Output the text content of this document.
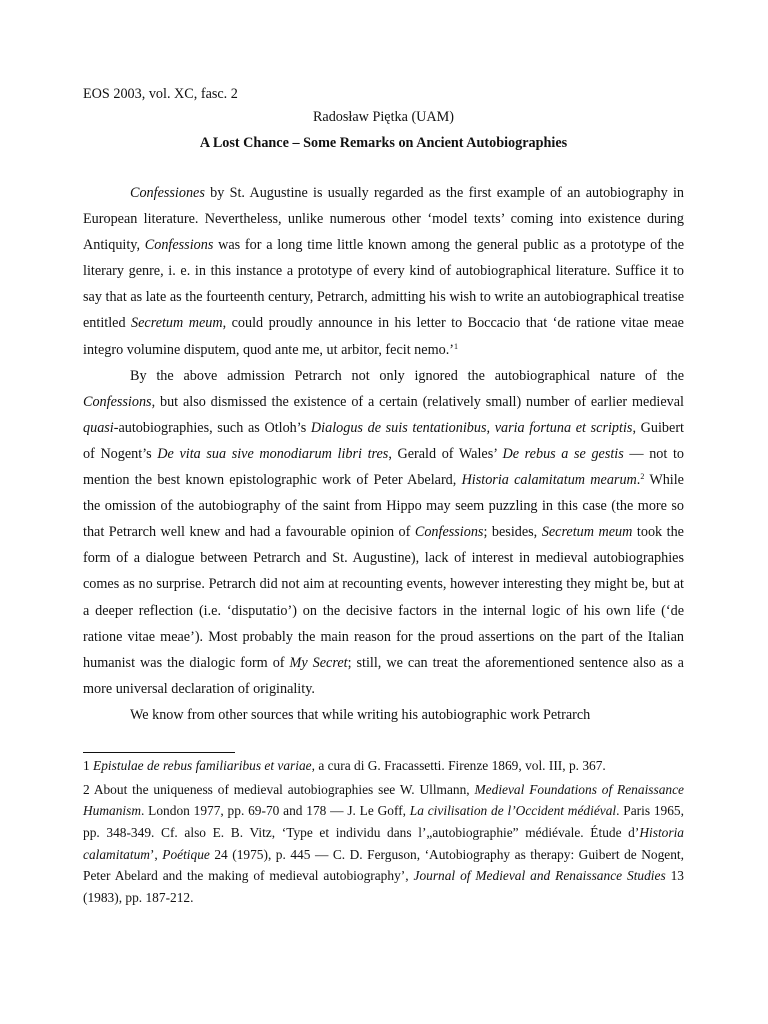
EOS 2003, vol. XC, fasc. 2

Radosław Piętka (UAM)

A Lost Chance – Some Remarks on Ancient Autobiographies

Confessiones by St. Augustine is usually regarded as the first example of an autobiography in European literature. Nevertheless, unlike numerous other ‘model texts’ coming into existence during Antiquity, Confessions was for a long time little known among the general public as a prototype of the literary genre, i. e. in this instance a prototype of every kind of autobiographical literature. Suffice it to say that as late as the fourteenth century, Petrarch, admitting his wish to write an autobiographical treatise entitled Secretum meum, could proudly announce in his letter to Boccacio that ‘de ratione vitae meae integro volumine disputem, quod ante me, ut arbitor, fecit nemo.’$^1$

By the above admission Petrarch not only ignored the autobiographical nature of the Confessions, but also dismissed the existence of a certain (relatively small) number of earlier medieval quasi-autobiographies, such as Otloh’s Dialogus de suis tentationibus, varia fortuna et scriptis, Guibert of Nogent’s De vita sua sive monodiarum libri tres, Gerald of Wales’ De rebus a se gestis — not to mention the best known epistolographic work of Peter Abelard, Historia calamitatum mearum.$^2$ While the omission of the autobiography of the saint from Hippo may seem puzzling in this case (the more so that Petrarch well knew and had a favourable opinion of Confessions; besides, Secretum meum took the form of a dialogue between Petrarch and St. Augustine), lack of interest in medieval autobiographies comes as no surprise. Petrarch did not aim at recounting events, however interesting they might be, but at a deeper reflection (i.e. ‘disputatio’) on the decisive factors in the internal logic of his own life (‘de ratione vitae meae’). Most probably the main reason for the proud assertions on the part of the Italian humanist was the dialogic form of My Secret; still, we can treat the aforementioned sentence also as a more universal declaration of originality.

We know from other sources that while writing his autobiographic work Petrarch

1 Epistulae de rebus familiaribus et variae, a cura di G. Fracassetti. Firenze 1869, vol. III, p. 367.

2 About the uniqueness of medieval autobiographies see W. Ullmann, Medieval Foundations of Renaissance Humanism. London 1977, pp. 69-70 and 178 — J. Le Goff, La civilisation de l’Occident médiéval. Paris 1965, pp. 348-349. Cf. also E. B. Vitz, ‘Type et individu dans l’„autobiographie” médiévale. Étude d’Historia calamitatum’, Poétique 24 (1975), p. 445 — C. D. Ferguson, ‘Autobiography as therapy: Guibert de Nogent, Peter Abelard and the making of medieval autobiography’, Journal of Medieval and Renaissance Studies 13 (1983), pp. 187-212.
